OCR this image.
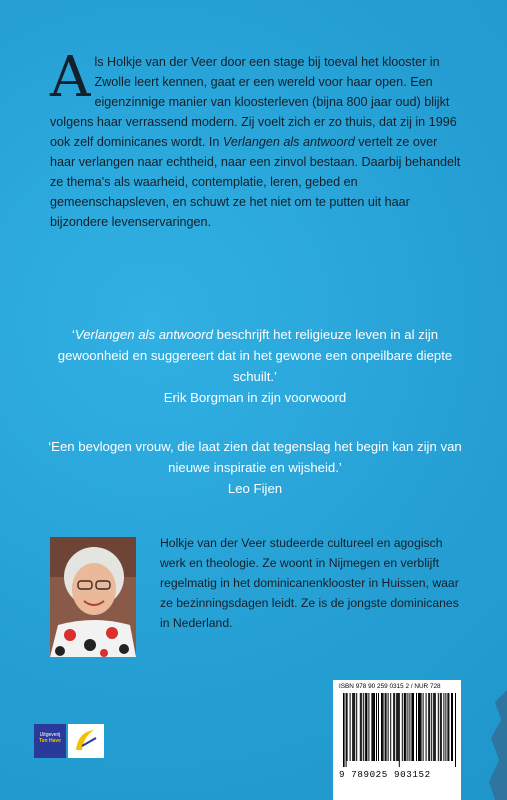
Als Holkje van der Veer door een stage bij toeval het klooster in Zwolle leert kennen, gaat er een wereld voor haar open. Een eigenzinnige manier van kloosterleven (bijna 800 jaar oud) blijkt volgens haar verrassend modern. Zij voelt zich er zo thuis, dat zij in 1996 ook zelf dominicanes wordt. In Verlangen als antwoord vertelt ze over haar verlangen naar echtheid, naar een zinvol bestaan. Daarbij behandelt ze thema's als waarheid, contemplatie, leren, gebed en gemeenschapsleven, en schuwt ze het niet om te putten uit haar bijzondere levenservaringen.
‘Verlangen als antwoord beschrijft het religieuze leven in al zijn gewoonheid en suggereert dat in het gewone een onpeilbare diepte schuilt.’
Erik Borgman in zijn voorwoord
‘Een bevlogen vrouw, die laat zien dat tegenslag het begin kan zijn van nieuwe inspiratie en wijsheid.’
Leo Fijen
Holkje van der Veer studeerde cultureel en agogisch werk en theologie. Ze woont in Nijmegen en verblijft regelmatig in het dominicanenklooster in Huissen, waar ze bezinningsdagen leidt. Ze is de jongste dominicanes in Nederland.
Uitgeverij
Ten Have
ISBN 978 90 259 0315 2 / NUR 728
9 789025 903152
